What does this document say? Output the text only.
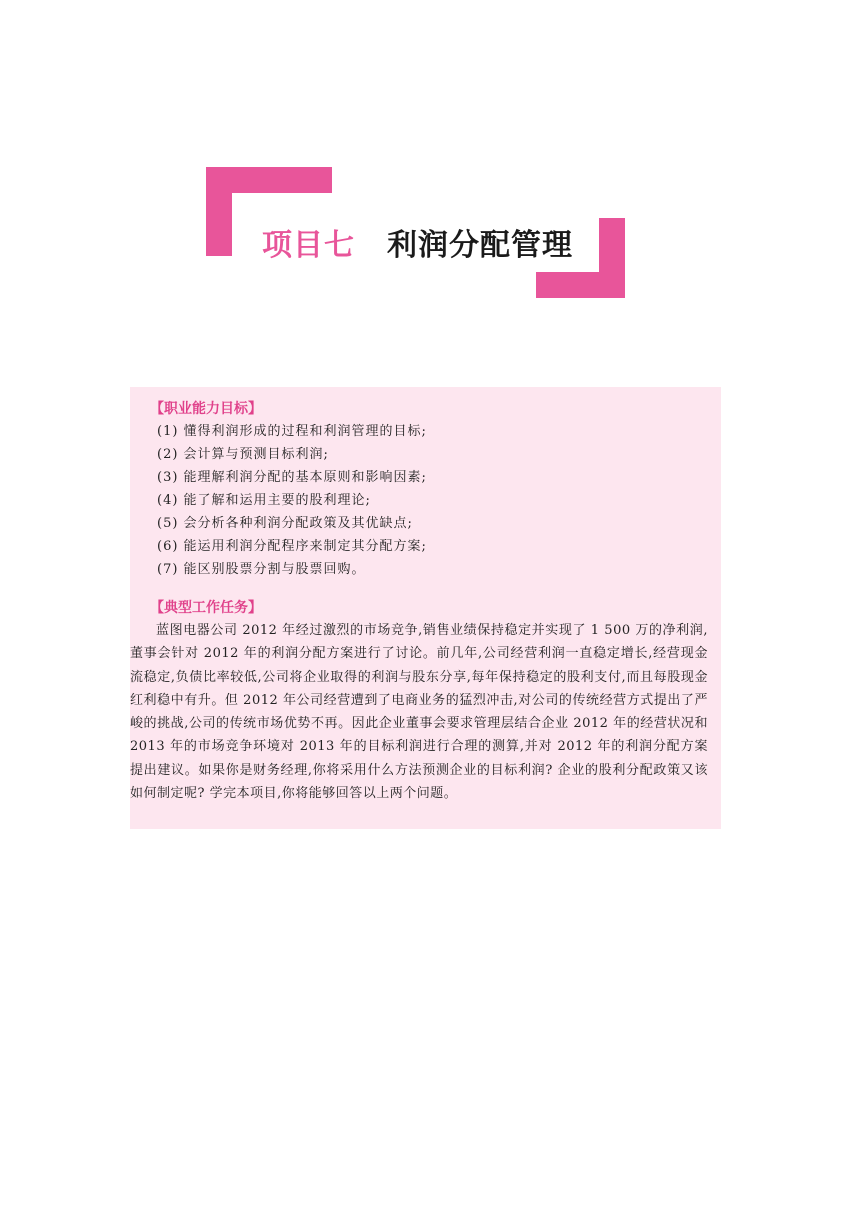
项目七 利润分配管理
【职业能力目标】
(1) 懂得利润形成的过程和利润管理的目标;
(2) 会计算与预测目标利润;
(3) 能理解利润分配的基本原则和影响因素;
(4) 能了解和运用主要的股利理论;
(5) 会分析各种利润分配政策及其优缺点;
(6) 能运用利润分配程序来制定其分配方案;
(7) 能区别股票分割与股票回购。
【典型工作任务】

蓝图电器公司 2012 年经过激烈的市场竞争,销售业绩保持稳定并实现了 1 500 万的净利润,董事会针对 2012 年的利润分配方案进行了讨论。前几年,公司经营利润一直稳定增长,经营现金流稳定,负债比率较低,公司将企业取得的利润与股东分享,每年保持稳定的股利支付,而且每股现金红利稳中有升。但 2012 年公司经营遭到了电商业务的猛烈冲击,对公司的传统经营方式提出了严峻的挑战,公司的传统市场优势不再。因此企业董事会要求管理层结合企业 2012 年的经营状况和 2013 年的市场竞争环境对 2013 年的目标利润进行合理的测算,并对 2012 年的利润分配方案提出建议。如果你是财务经理,你将采用什么方法预测企业的目标利润? 企业的股利分配政策又该如何制定呢? 学完本项目,你将能够回答以上两个问题。
